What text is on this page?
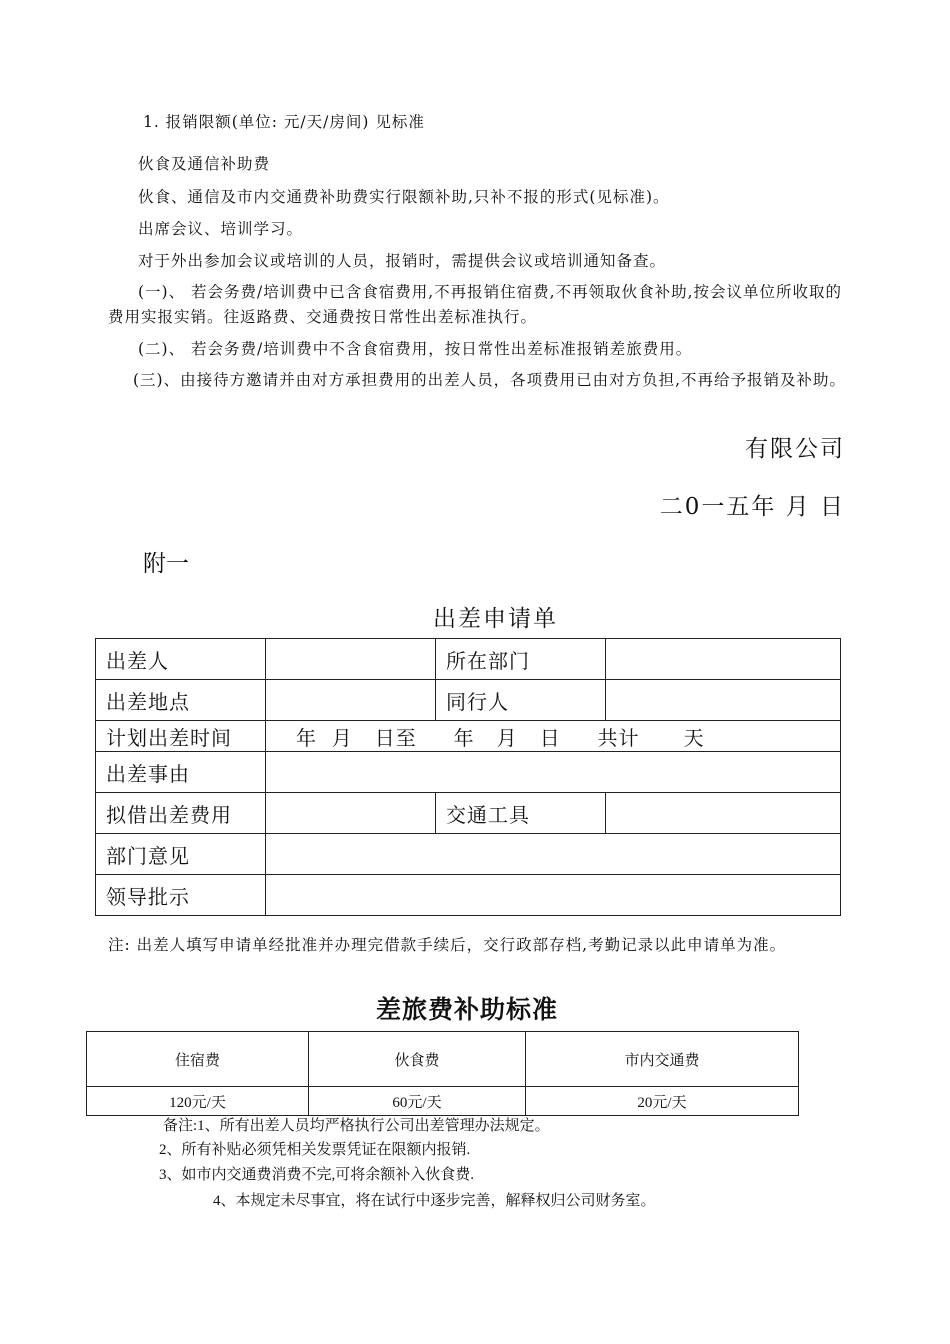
1. 报销限额(单位: 元/天/房间) 见标准
伙食及通信补助费
伙食、通信及市内交通费补助费实行限额补助,只补不报的形式(见标准)。
出席会议、培训学习。
对于外出参加会议或培训的人员，报销时，需提供会议或培训通知备查。
(一)、 若会务费/培训费中已含食宿费用,不再报销住宿费,不再领取伙食补助,按会议单位所收取的费用实报实销。往返路费、交通费按日常性出差标准执行。
(二)、 若会务费/培训费中不含食宿费用，按日常性出差标准报销差旅费用。
(三)、由接待方邀请并由对方承担费用的出差人员，各项费用已由对方负担,不再给予报销及补助。
有限公司
二0一五年 月 日
附一
出差申请单
出差人		所在部门	
出差地点		同行人	
计划出差时间	年  月   日至     年   月   日     共计      天		
出差事由			
拟借出差费用		交通工具	
部门意见			
领导批示			
注: 出差人填写申请单经批准并办理完借款手续后，交行政部存档,考勤记录以此申请单为准。
差旅费补助标准
住宿费	伙食费	市内交通费
120元/天	60元/天	20元/天
备注:1、所有出差人员均严格执行公司出差管理办法规定。
2、所有补贴必须凭相关发票凭证在限额内报销.
3、如市内交通费消费不完,可将余额补入伙食费.
4、本规定未尽事宜，将在试行中逐步完善，解释权归公司财务室。
